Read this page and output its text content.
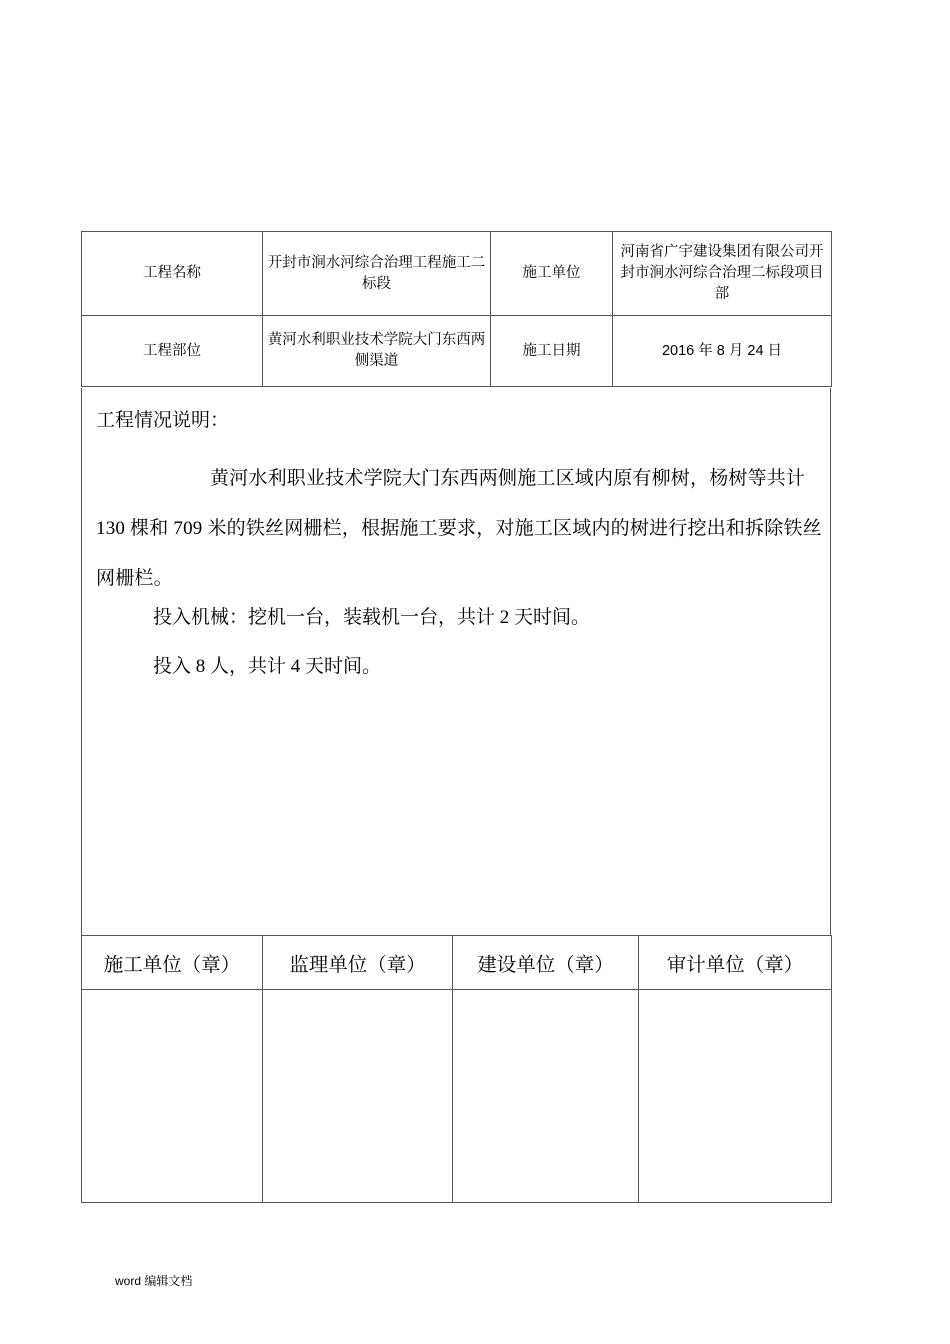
工程名称	开封市涧水河综合治理工程施工二标段	施工单位	河南省广宇建设集团有限公司开封市涧水河综合治理二标段项目部
工程部位	黄河水利职业技术学院大门东西两侧渠道	施工日期	2016 年 8 月 24 日

工程情况说明：

黄河水利职业技术学院大门东西两侧施工区域内原有柳树，杨树等共计 130 棵和 709 米的铁丝网栅栏，根据施工要求，对施工区域内的树进行挖出和拆除铁丝网栅栏。

投入机械：挖机一台，装载机一台，共计 2 天时间。

投入 8 人，共计 4 天时间。

施工单位（章）	监理单位（章）	建设单位（章）	审计单位（章）

word 编辑文档
